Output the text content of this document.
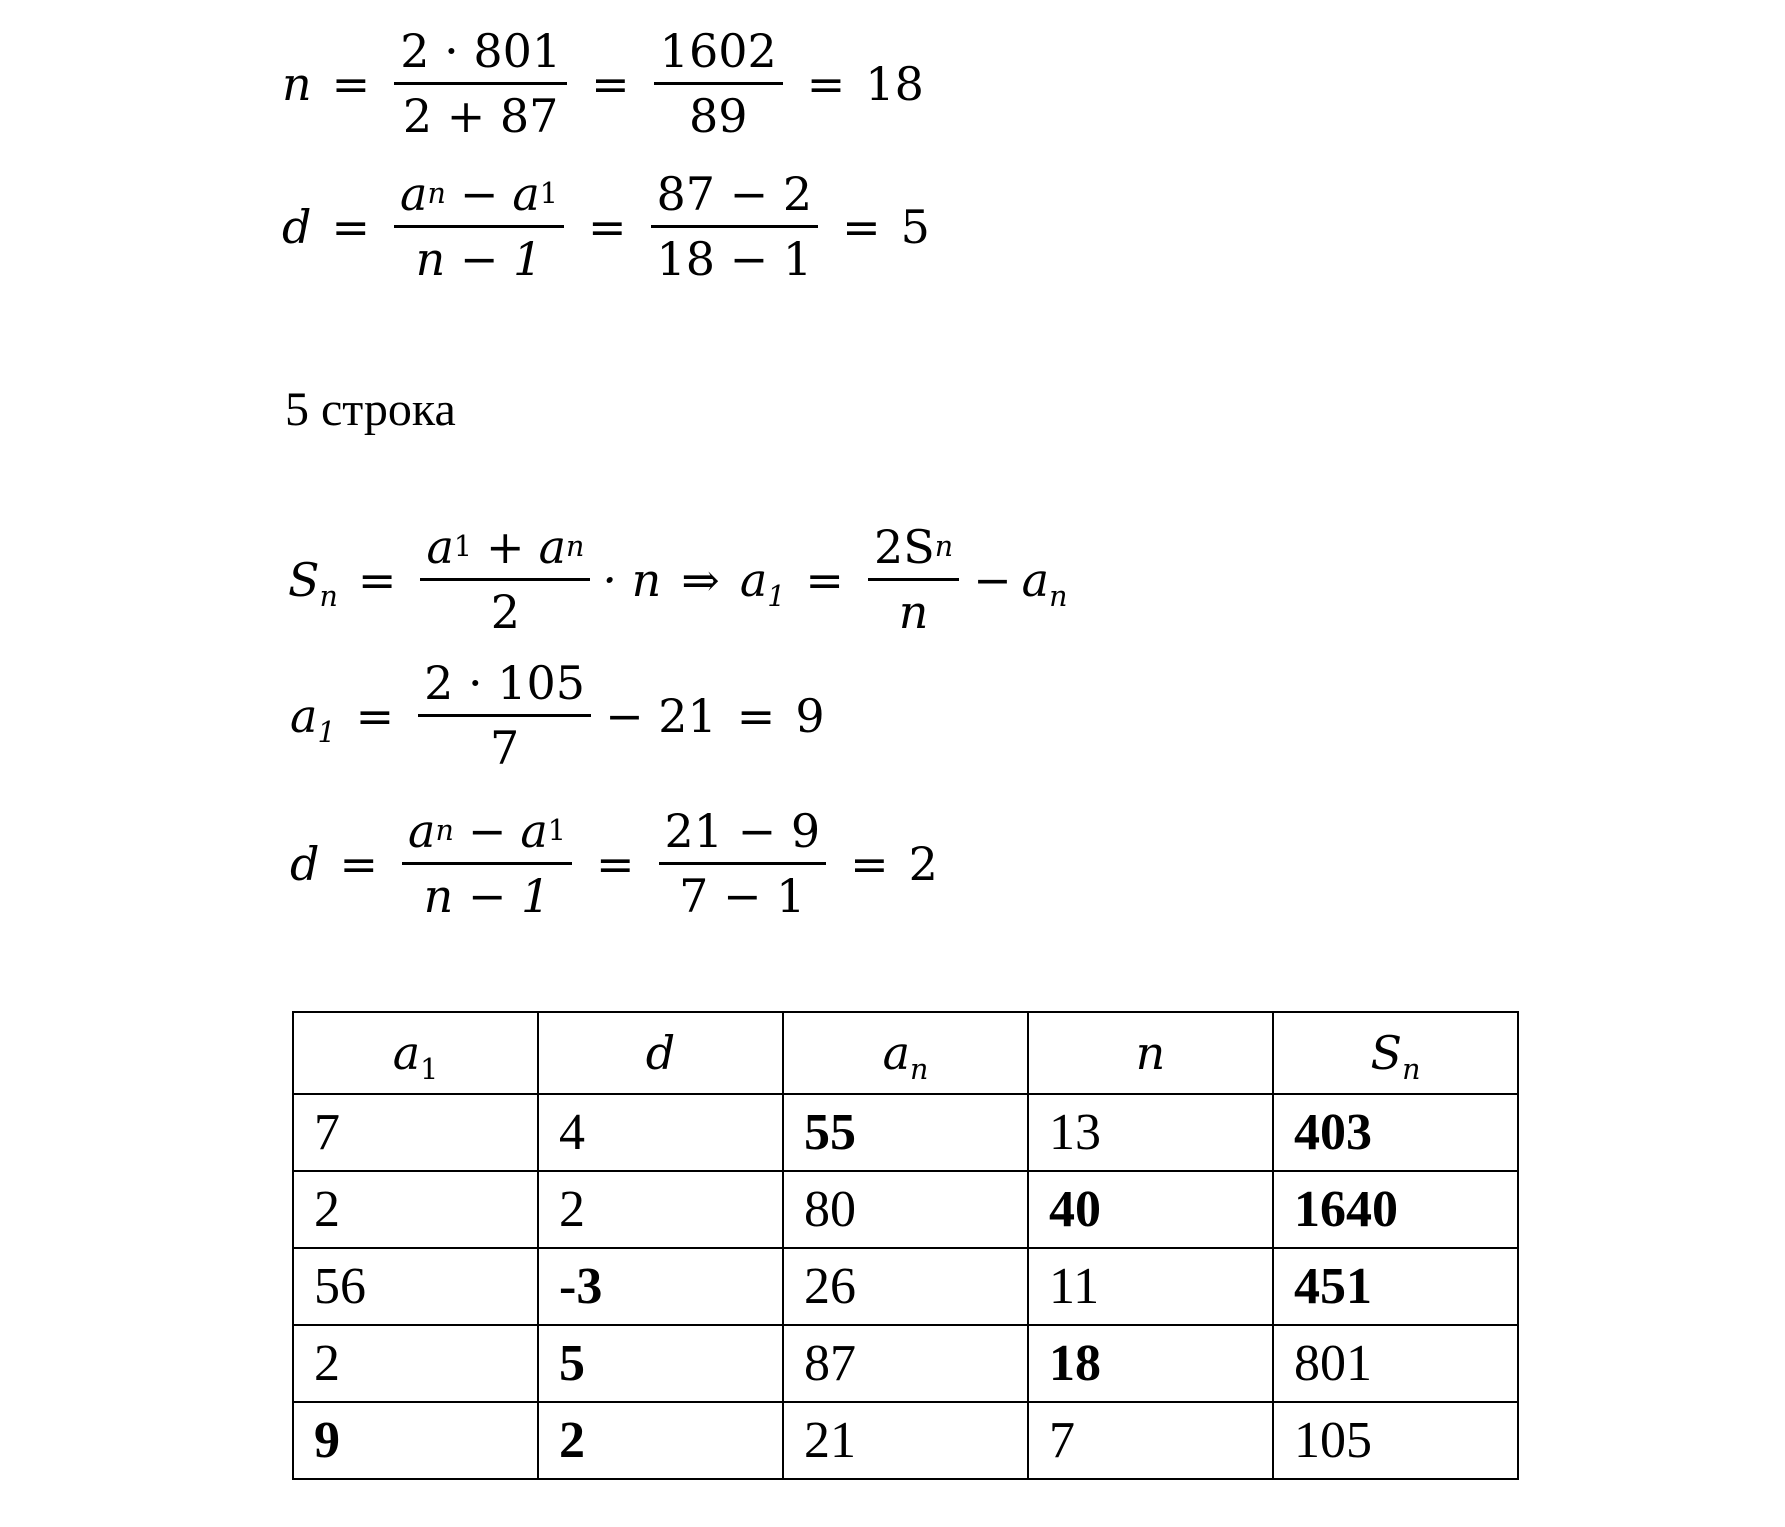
$n = \frac{2 \cdot 801}{2 + 87} = \frac{1602}{89} = 18$
$d = \frac{\text{a n − a 1}}{n - 1} = \frac{87 - 2}{18 - 1} = 5$
5 строка
$S_n = \frac{\text{a 1 + a n}}{2} \cdot n$ ⇒ $a_1 = \frac{\text{2S n}}{n} - a_n$
$a_1 = \frac{2 \cdot 105}{7} - 21 = 9$
$d = \frac{\text{a n − a 1}}{n - 1} = \frac{21 - 9}{7 - 1} = 2$
$a_1$	d	$a_n$	n	$S_n$
7	4	55	13	403
2	2	80	40	1640
56	-3	26	11	451
2	5	87	18	801
9	2	21	7	105
